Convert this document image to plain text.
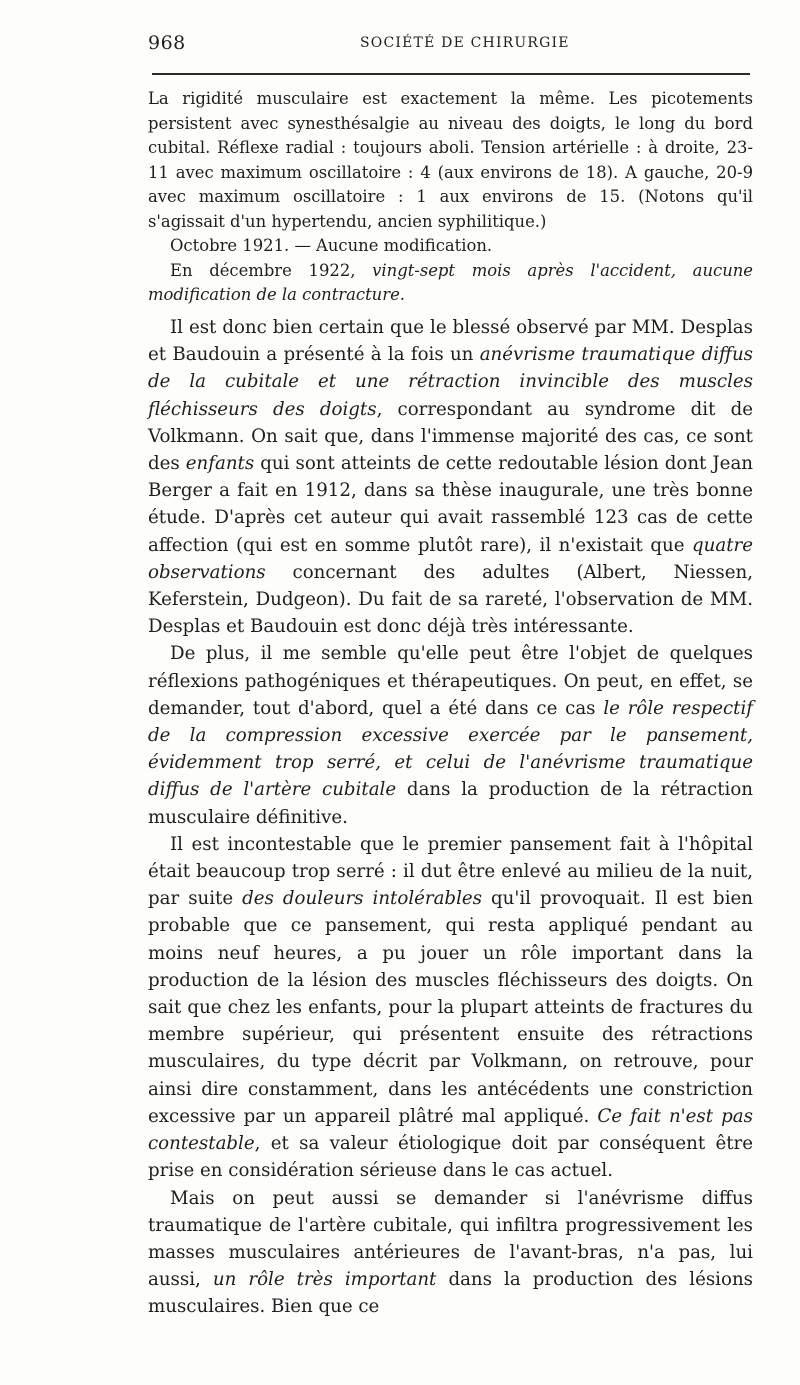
968	SOCIÉTÉ DE CHIRURGIE

La rigidité musculaire est exactement la même. Les picotements persistent avec synesthésalgie au niveau des doigts, le long du bord cubital. Réflexe radial : toujours aboli. Tension artérielle : à droite, 23-11 avec maximum oscillatoire : 4 (aux environs de 18). A gauche, 20-9 avec maximum oscillatoire : 1 aux environs de 15. (Notons qu'il s'agissait d'un hypertendu, ancien syphilitique.)

Octobre 1921. — Aucune modification.

En décembre 1922, vingt-sept mois après l'accident, aucune modification de la contracture.

Il est donc bien certain que le blessé observé par MM. Desplas et Baudouin a présenté à la fois un anévrisme traumatique diffus de la cubitale et une rétraction invincible des muscles fléchisseurs des doigts, correspondant au syndrome dit de Volkmann. On sait que, dans l'immense majorité des cas, ce sont des enfants qui sont atteints de cette redoutable lésion dont Jean Berger a fait en 1912, dans sa thèse inaugurale, une très bonne étude. D'après cet auteur qui avait rassemblé 123 cas de cette affection (qui est en somme plutôt rare), il n'existait que quatre observations concernant des adultes (Albert, Niessen, Keferstein, Dudgeon). Du fait de sa rareté, l'observation de MM. Desplas et Baudouin est donc déjà très intéressante.

De plus, il me semble qu'elle peut être l'objet de quelques réflexions pathogéniques et thérapeutiques. On peut, en effet, se demander, tout d'abord, quel a été dans ce cas le rôle respectif de la compression excessive exercée par le pansement, évidemment trop serré, et celui de l'anévrisme traumatique diffus de l'artère cubitale dans la production de la rétraction musculaire définitive.

Il est incontestable que le premier pansement fait à l'hôpital était beaucoup trop serré : il dut être enlevé au milieu de la nuit, par suite des douleurs intolérables qu'il provoquait. Il est bien probable que ce pansement, qui resta appliqué pendant au moins neuf heures, a pu jouer un rôle important dans la production de la lésion des muscles fléchisseurs des doigts. On sait que chez les enfants, pour la plupart atteints de fractures du membre supérieur, qui présentent ensuite des rétractions musculaires, du type décrit par Volkmann, on retrouve, pour ainsi dire constamment, dans les antécédents une constriction excessive par un appareil plâtré mal appliqué. Ce fait n'est pas contestable, et sa valeur étiologique doit par conséquent être prise en considération sérieuse dans le cas actuel.

Mais on peut aussi se demander si l'anévrisme diffus traumatique de l'artère cubitale, qui infiltra progressivement les masses musculaires antérieures de l'avant-bras, n'a pas, lui aussi, un rôle très important dans la production des lésions musculaires. Bien que ce
